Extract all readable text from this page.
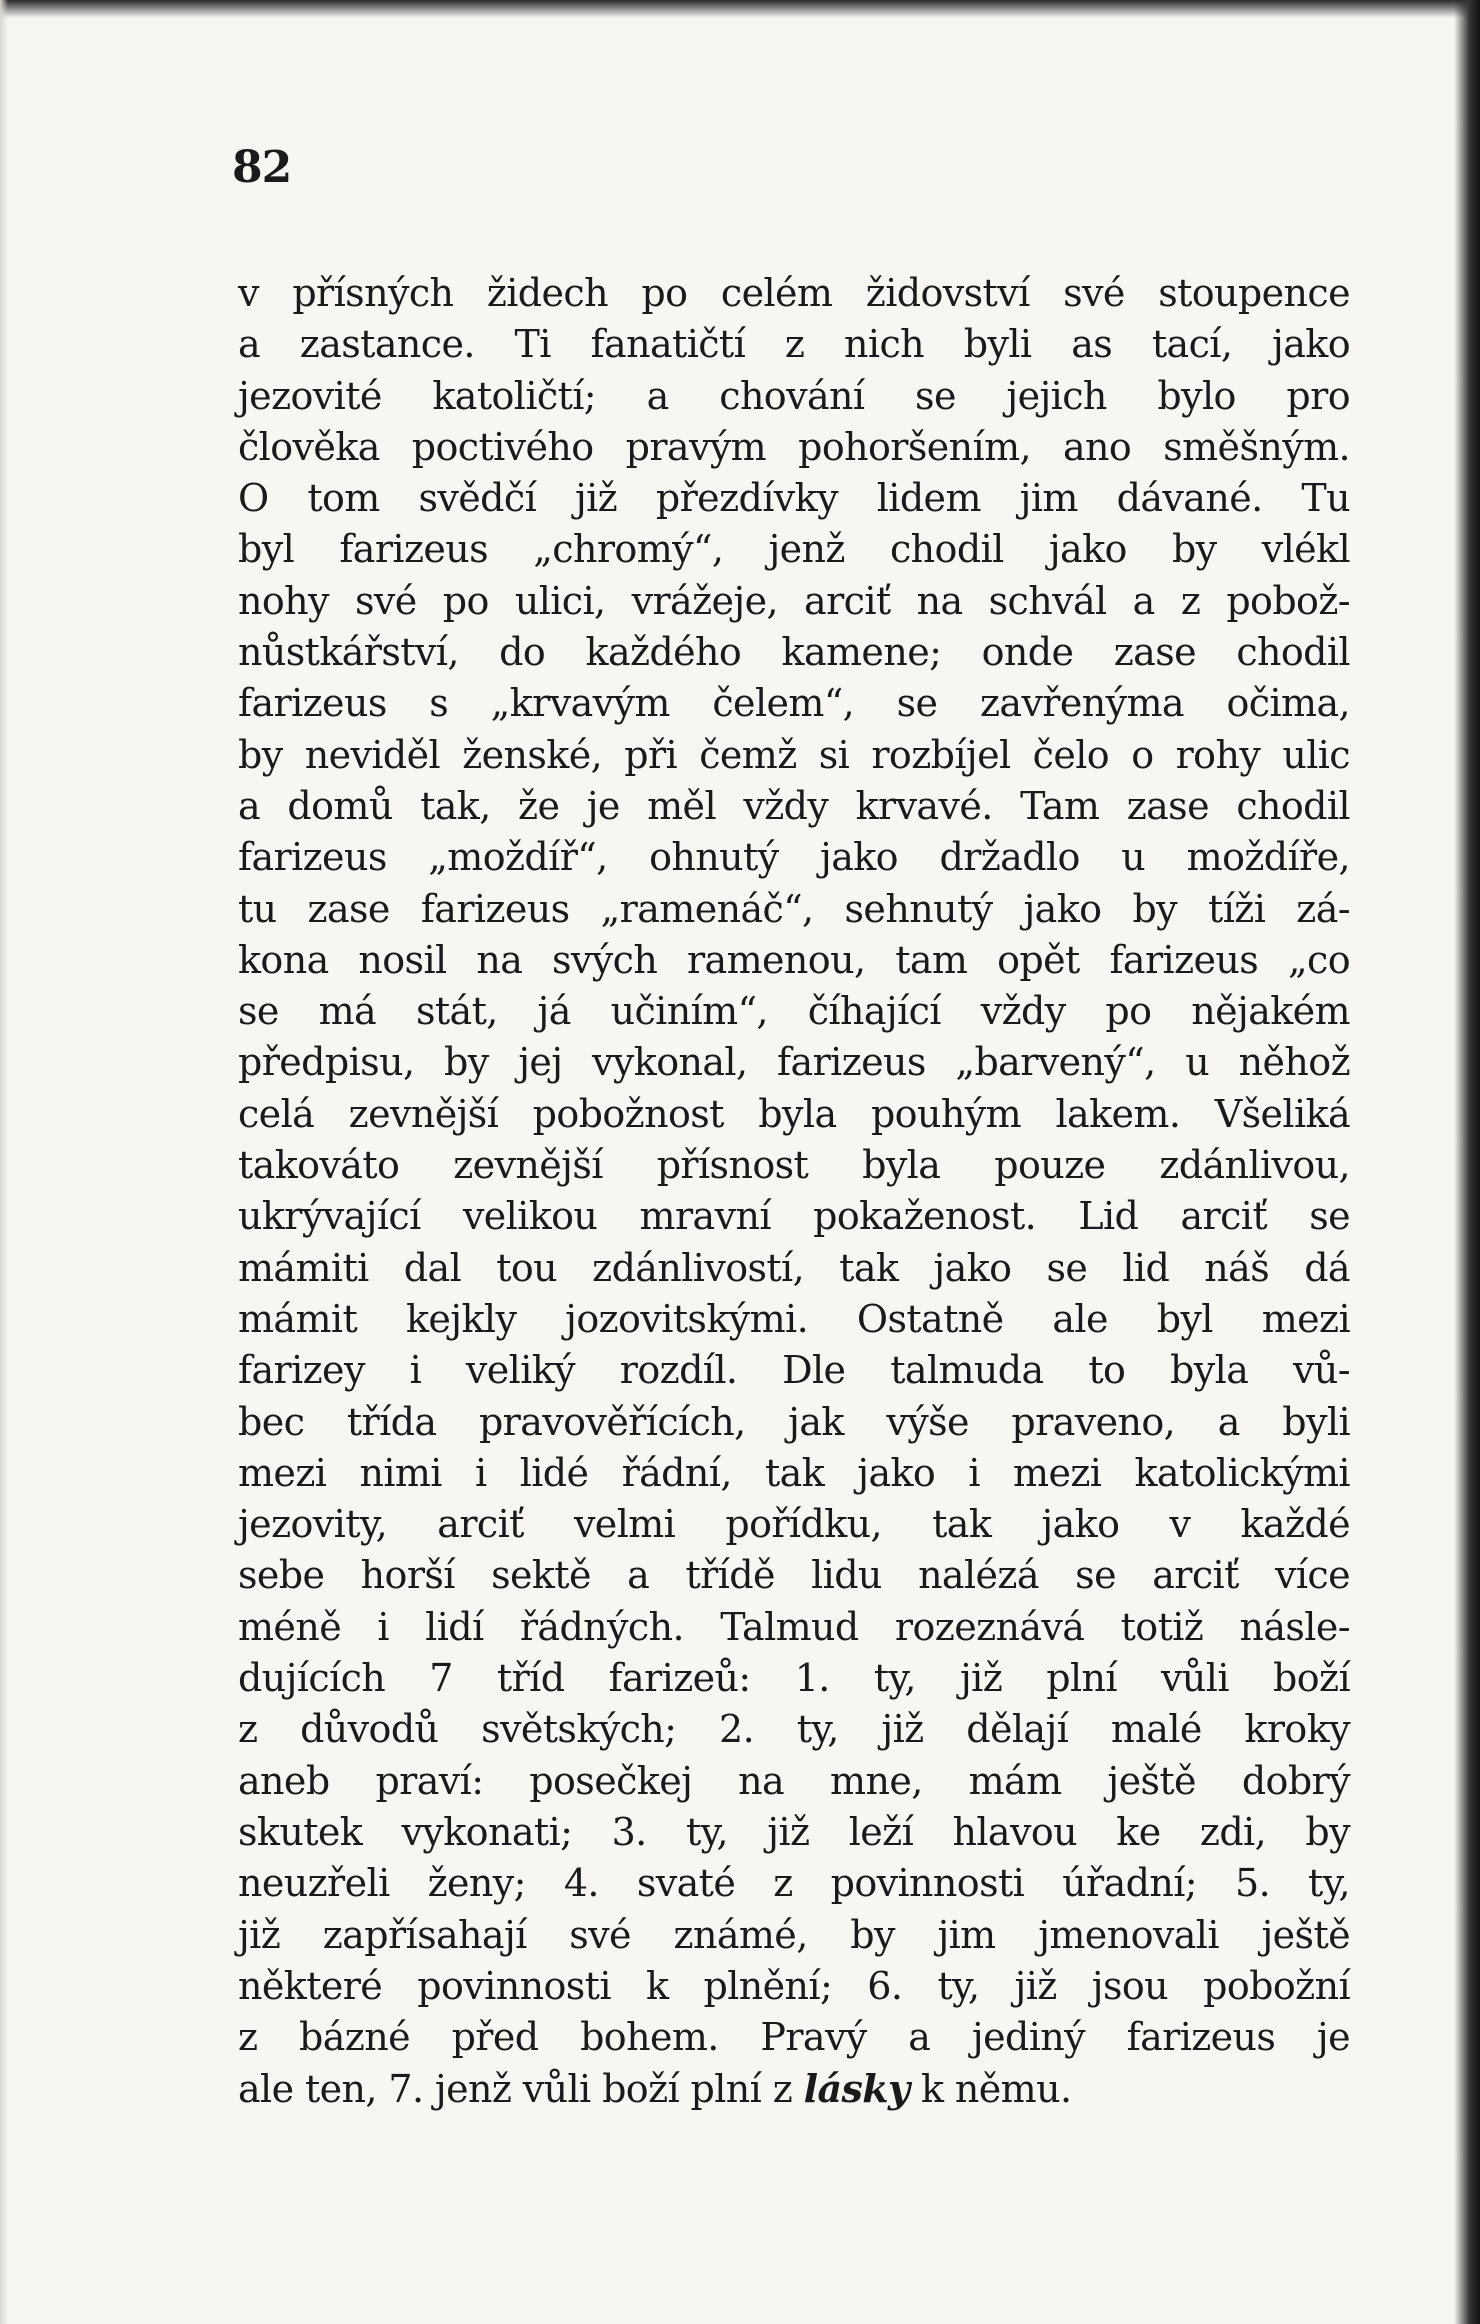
82
v přísných židech po celém židovství své stoupence
a zastance. Ti fanatičtí z nich byli as tací, jako
jezovité katoličtí; a chování se jejich bylo pro
člověka poctivého pravým pohoršením, ano směšným.
O tom svědčí již přezdívky lidem jim dávané. Tu
byl farizeus „chromý“, jenž chodil jako by vlékl
nohy své po ulici, vrážeje, arciť na schvál a z pobož-
nůstkářství, do každého kamene; onde zase chodil
farizeus s „krvavým čelem“, se zavřenýma očima,
by neviděl ženské, při čemž si rozbíjel čelo o rohy ulic
a domů tak, že je měl vždy krvavé. Tam zase chodil
farizeus „moždíř“, ohnutý jako držadlo u moždíře,
tu zase farizeus „ramenáč“, sehnutý jako by tíži zá-
kona nosil na svých ramenou, tam opět farizeus „co
se má stát, já učiním“, číhající vždy po nějakém
předpisu, by jej vykonal, farizeus „barvený“, u něhož
celá zevnější pobožnost byla pouhým lakem. Všeliká
takováto zevnější přísnost byla pouze zdánlivou,
ukrývající velikou mravní pokaženost. Lid arciť se
mámiti dal tou zdánlivostí, tak jako se lid náš dá
mámit kejkly jozovitskými. Ostatně ale byl mezi
farizey i veliký rozdíl. Dle talmuda to byla vů-
bec třída pravověřících, jak výše praveno, a byli
mezi nimi i lidé řádní, tak jako i mezi katolickými
jezovity, arciť velmi pořídku, tak jako v každé
sebe horší sektě a třídě lidu nalézá se arciť více
méně i lidí řádných. Talmud rozeznává totiž násle-
dujících 7 tříd farizeů: 1. ty, již plní vůli boží
z důvodů světských; 2. ty, již dělají malé kroky
aneb praví: posečkej na mne, mám ještě dobrý
skutek vykonati; 3. ty, již leží hlavou ke zdi, by
neuzřeli ženy; 4. svaté z povinnosti úřadní; 5. ty,
již zapřísahají své známé, by jim jmenovali ještě
některé povinnosti k plnění; 6. ty, již jsou pobožní
z bázné před bohem. Pravý a jediný farizeus je
ale ten, 7. jenž vůli boží plní z lásky k němu.
